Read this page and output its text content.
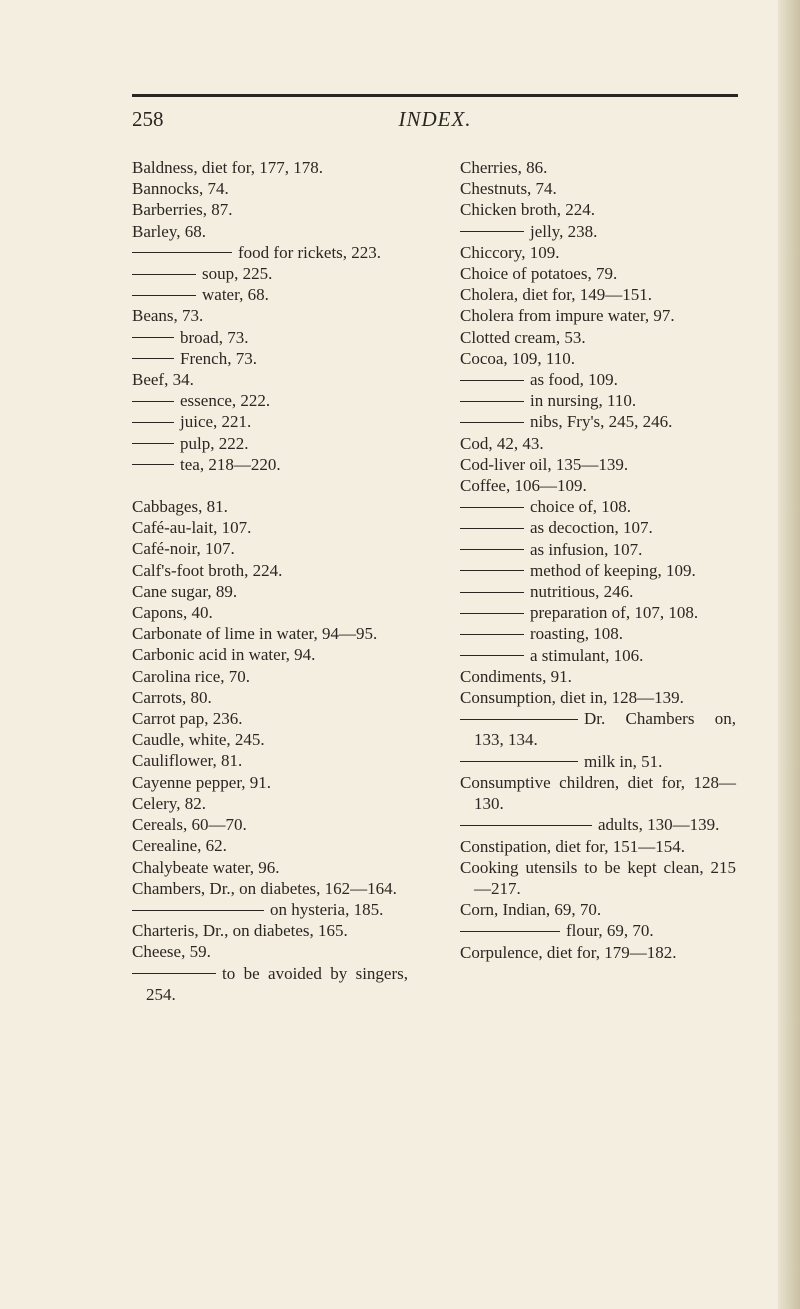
258	INDEX.

Baldness, diet for, 177, 178.

Bannocks, 74.

Barberries, 87.

Barley, 68.

food for rickets, 223.

soup, 225.

water, 68.

Beans, 73.

broad, 73.

French, 73.

Beef, 34.

essence, 222.

juice, 221.

pulp, 222.

tea, 218—220.

Cabbages, 81.

Café-au-lait, 107.

Café-noir, 107.

Calf's-foot broth, 224.

Cane sugar, 89.

Capons, 40.

Carbonate of lime in water, 94—95.

Carbonic acid in water, 94.

Carolina rice, 70.

Carrots, 80.

Carrot pap, 236.

Caudle, white, 245.

Cauliflower, 81.

Cayenne pepper, 91.

Celery, 82.

Cereals, 60—70.

Cerealine, 62.

Chalybeate water, 96.

Chambers, Dr., on diabetes, 162—164.

on hysteria, 185.

Charteris, Dr., on diabetes, 165.

Cheese, 59.

to be avoided by singers, 254.

Cherries, 86.

Chestnuts, 74.

Chicken broth, 224.

jelly, 238.

Chiccory, 109.

Choice of potatoes, 79.

Cholera, diet for, 149—151.

Cholera from impure water, 97.

Clotted cream, 53.

Cocoa, 109, 110.

as food, 109.

in nursing, 110.

nibs, Fry's, 245, 246.

Cod, 42, 43.

Cod-liver oil, 135—139.

Coffee, 106—109.

choice of, 108.

as decoction, 107.

as infusion, 107.

method of keeping, 109.

nutritious, 246.

preparation of, 107, 108.

roasting, 108.

a stimulant, 106.

Condiments, 91.

Consumption, diet in, 128—139.

Dr. Chambers on, 133, 134.

milk in, 51.

Consumptive children, diet for, 128—130.

adults, 130—139.

Constipation, diet for, 151—154.

Cooking utensils to be kept clean, 215—217.

Corn, Indian, 69, 70.

flour, 69, 70.

Corpulence, diet for, 179—182.
